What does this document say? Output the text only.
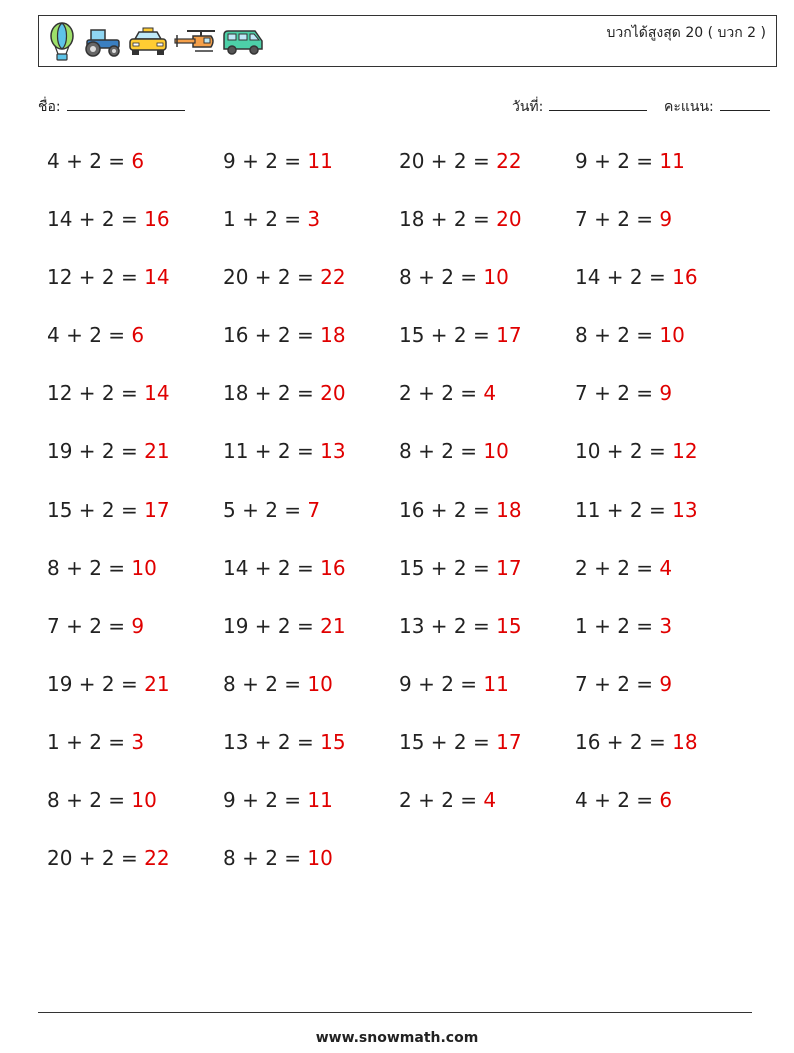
บวกได้สูงสุด 20 ( บวก 2 )
ชื่อ:	วันที่:	คะแนน:
4 + 2 = 6	9 + 2 = 11	20 + 2 = 22	9 + 2 = 11
14 + 2 = 16	1 + 2 = 3	18 + 2 = 20	7 + 2 = 9
12 + 2 = 14	20 + 2 = 22	8 + 2 = 10	14 + 2 = 16
4 + 2 = 6	16 + 2 = 18	15 + 2 = 17	8 + 2 = 10
12 + 2 = 14	18 + 2 = 20	2 + 2 = 4	7 + 2 = 9
19 + 2 = 21	11 + 2 = 13	8 + 2 = 10	10 + 2 = 12
15 + 2 = 17	5 + 2 = 7	16 + 2 = 18	11 + 2 = 13
8 + 2 = 10	14 + 2 = 16	15 + 2 = 17	2 + 2 = 4
7 + 2 = 9	19 + 2 = 21	13 + 2 = 15	1 + 2 = 3
19 + 2 = 21	8 + 2 = 10	9 + 2 = 11	7 + 2 = 9
1 + 2 = 3	13 + 2 = 15	15 + 2 = 17	16 + 2 = 18
8 + 2 = 10	9 + 2 = 11	2 + 2 = 4	4 + 2 = 6
20 + 2 = 22	8 + 2 = 10
www.snowmath.com
